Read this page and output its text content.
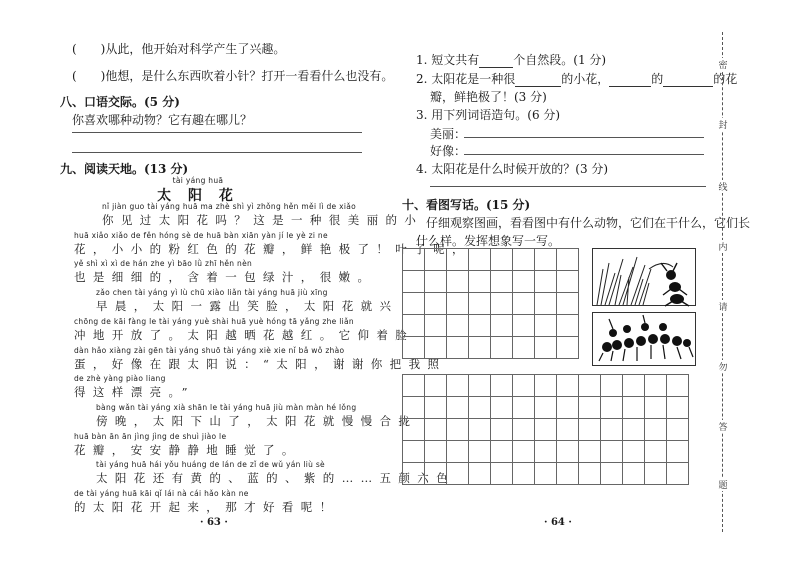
(　　)从此，他开始对科学产生了兴趣。
(　　)他想，是什么东西吹着小针？打开一看看什么也没有。
八、口语交际。(5 分)
你喜欢哪种动物？它有趣在哪儿？
九、阅读天地。(13 分)
tài yáng huā
太 阳 花
nǐ jiàn guo tài yáng huā ma zhè shì yì zhǒng hěn měi lì de xiǎo
你见过太阳花吗？这是一种很美丽的小
huā xiǎo xiǎo de fěn hóng sè de huā bàn xiān yàn jí le yè zi ne
花，小小的粉红色的花瓣，鲜艳极了！叶子呢，
yě shì xì xì de hán zhe yì bāo lǜ zhī hěn nèn
也是细细的，含着一包绿汁，很嫩。
zǎo chen tài yáng yì lù chū xiào liǎn tài yáng huā jiù xīng
早晨，太阳一露出笑脸，太阳花就兴
chōng de kāi fàng le tài yáng yuè shài huā yuè hóng tā yǎng zhe liǎn
冲地开放了。太阳越晒花越红。它仰着脸
dàn hǎo xiàng zài gēn tài yáng shuō tài yáng xiè xie nǐ bǎ wǒ zhào
蛋，好像在跟太阳说：“太阳，谢谢你把我照
de zhè yàng piào liang
得这样漂亮。”
bàng wǎn tài yáng xià shān le tài yáng huā jiù màn màn hé lǒng
傍晚，太阳下山了，太阳花就慢慢合拢
huā bàn ān ān jìng jìng de shuì jiào le
花瓣，安安静静地睡觉了。
tài yáng huā hái yǒu huáng de lán de zǐ de wǔ yán liù sè
太阳花还有黄的、蓝的、紫的……五颜六色
de tài yáng huā kāi qǐ lái nà cái hǎo kàn ne
的太阳花开起来，那才好看呢！
· 63 ·
1. 短文共有	个自然段。(1 分)
2. 太阳花是一种很	的小花，	的	的花
瓣，鲜艳极了！(3 分)
3. 用下列词语造句。(6 分)
美丽：
好像：
4. 太阳花是什么时候开放的？(3 分)
十、看图写话。(15 分)
仔细观察图画，看看图中有什么动物，它们在干什么，它们长
什么样。发挥想象写一写。

· 64 ·
密
封
线
内
请
勿
答
题
